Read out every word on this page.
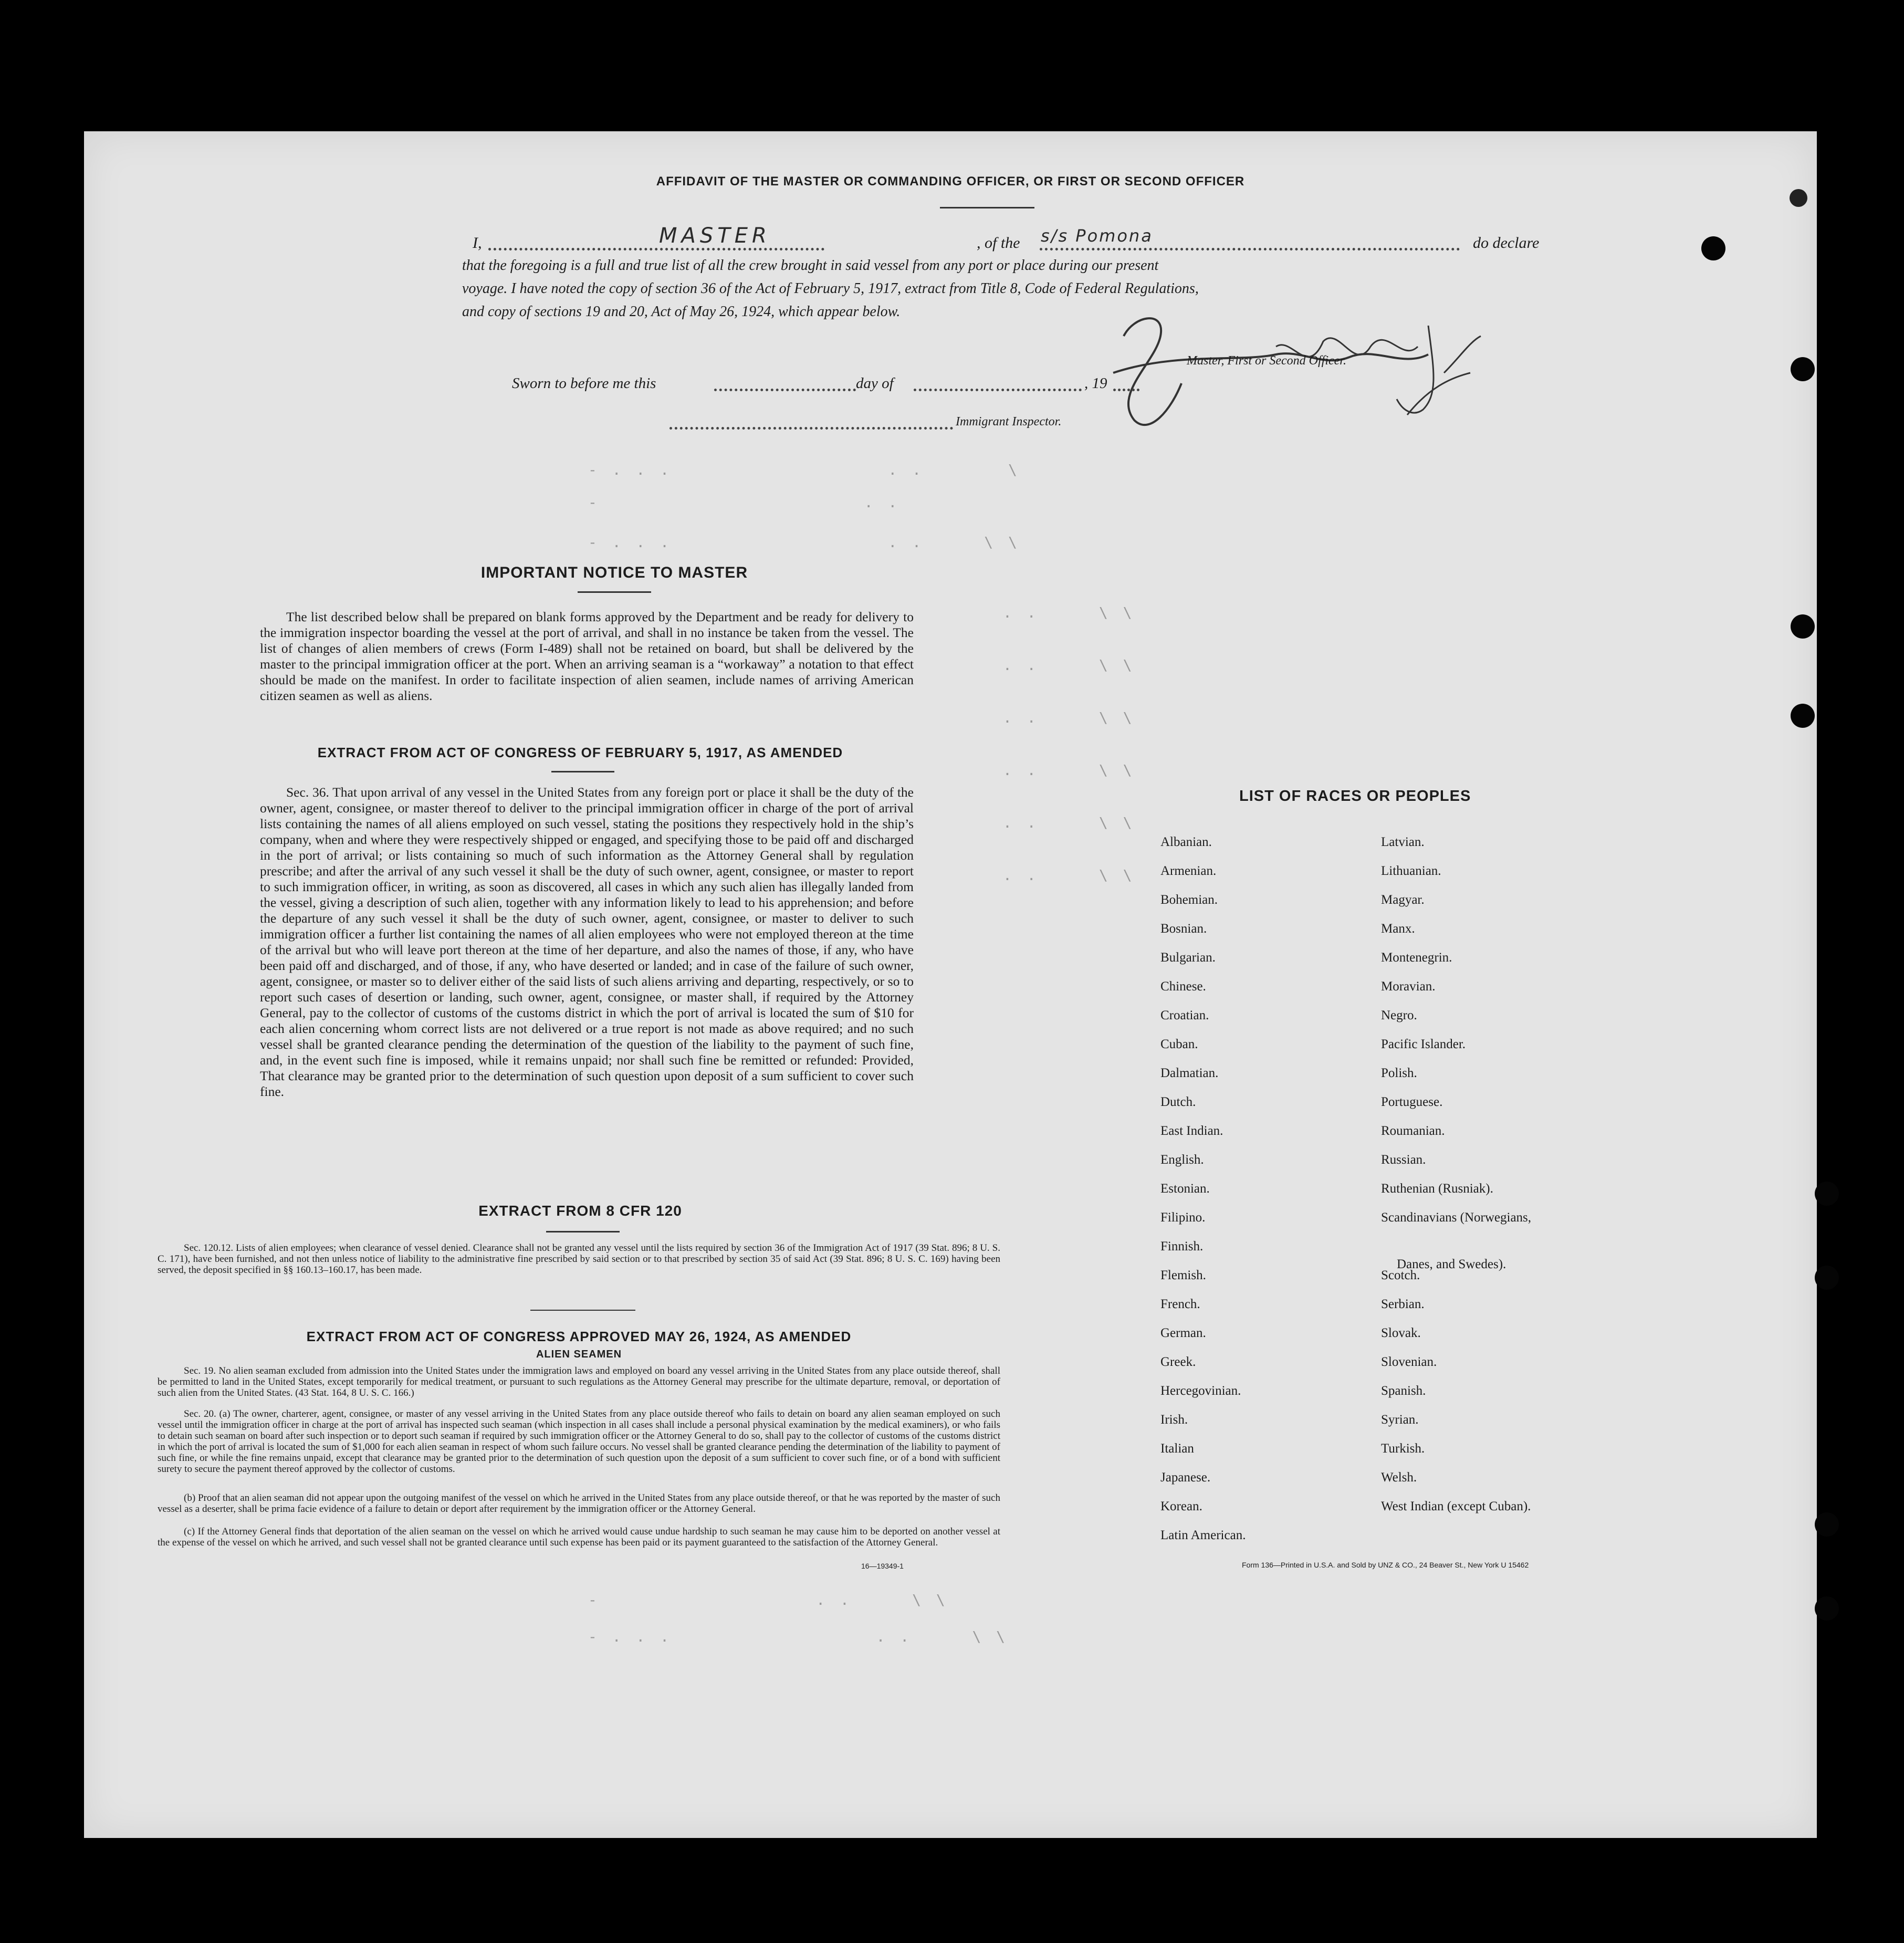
AFFIDAVIT OF THE MASTER OR COMMANDING OFFICER, OR FIRST OR SECOND OFFICER
I,	MASTER	, of the s/s Pomona	do declare
that the foregoing is a full and true list of all the crew brought in said vessel from any port or place during our present
voyage. I have noted the copy of section 36 of the Act of February 5, 1917, extract from Title 8, Code of Federal Regulations,
and copy of sections 19 and 20, Act of May 26, 1924, which appear below.
Master, First or Second Officer.
Sworn to before me this	day of	, 19
Immigrant Inspector.
- . . .                  . .       \
-                      . .
- . . .                  . .     \ \
. .     \ \
. .     \ \
. .     \ \
. .     \ \
. .     \ \
. .     \ \
-                  . .     \ \
- . . .                 . .     \ \
IMPORTANT NOTICE TO MASTER
The list described below shall be prepared on blank forms approved by the Department and be ready for delivery to the immigration inspector boarding the vessel at the port of arrival, and shall in no instance be taken from the vessel. The list of changes of alien members of crews (Form I-489) shall not be retained on board, but shall be delivered by the master to the principal immigration officer at the port. When an arriving seaman is a “workaway” a notation to that effect should be made on the manifest. In order to facilitate inspection of alien seamen, include names of arriving American citizen seamen as well as aliens.
EXTRACT FROM ACT OF CONGRESS OF FEBRUARY 5, 1917, AS AMENDED
Sec. 36. That upon arrival of any vessel in the United States from any foreign port or place it shall be the duty of the owner, agent, consignee, or master thereof to deliver to the principal immigration officer in charge of the port of arrival lists containing the names of all aliens employed on such vessel, stating the positions they respectively hold in the ship’s company, when and where they were respectively shipped or engaged, and specifying those to be paid off and discharged in the port of arrival; or lists containing so much of such information as the Attorney General shall by regulation prescribe; and after the arrival of any such vessel it shall be the duty of such owner, agent, consignee, or master to report to such immigration officer, in writing, as soon as discovered, all cases in which any such alien has illegally landed from the vessel, giving a description of such alien, together with any information likely to lead to his apprehension; and before the departure of any such vessel it shall be the duty of such owner, agent, consignee, or master to deliver to such immigration officer a further list containing the names of all alien employees who were not employed thereon at the time of the arrival but who will leave port thereon at the time of her departure, and also the names of those, if any, who have been paid off and discharged, and of those, if any, who have deserted or landed; and in case of the failure of such owner, agent, consignee, or master so to deliver either of the said lists of such aliens arriving and departing, respectively, or so to report such cases of desertion or landing, such owner, agent, consignee, or master shall, if required by the Attorney General, pay to the collector of customs of the customs district in which the port of arrival is located the sum of $10 for each alien concerning whom correct lists are not delivered or a true report is not made as above required; and no such vessel shall be granted clearance pending the determination of the question of the liability to the payment of such fine, and, in the event such fine is imposed, while it remains unpaid; nor shall such fine be remitted or refunded: Provided, That clearance may be granted prior to the determination of such question upon deposit of a sum sufficient to cover such fine.
EXTRACT FROM 8 CFR 120
Sec. 120.12. Lists of alien employees; when clearance of vessel denied. Clearance shall not be granted any vessel until the lists required by section 36 of the Immigration Act of 1917 (39 Stat. 896; 8 U. S. C. 171), have been furnished, and not then unless notice of liability to the administrative fine prescribed by said section or to that prescribed by section 35 of said Act (39 Stat. 896; 8 U. S. C. 169) having been served, the deposit specified in §§ 160.13–160.17, has been made.
EXTRACT FROM ACT OF CONGRESS APPROVED MAY 26, 1924, AS AMENDED
ALIEN SEAMEN
Sec. 19. No alien seaman excluded from admission into the United States under the immigration laws and employed on board any vessel arriving in the United States from any place outside thereof, shall be permitted to land in the United States, except temporarily for medical treatment, or pursuant to such regulations as the Attorney General may prescribe for the ultimate departure, removal, or deportation of such alien from the United States. (43 Stat. 164, 8 U. S. C. 166.)
Sec. 20. (a) The owner, charterer, agent, consignee, or master of any vessel arriving in the United States from any place outside thereof who fails to detain on board any alien seaman employed on such vessel until the immigration officer in charge at the port of arrival has inspected such seaman (which inspection in all cases shall include a personal physical examination by the medical examiners), or who fails to detain such seaman on board after such inspection or to deport such seaman if required by such immigration officer or the Attorney General to do so, shall pay to the collector of customs of the customs district in which the port of arrival is located the sum of $1,000 for each alien seaman in respect of whom such failure occurs. No vessel shall be granted clearance pending the determination of the liability to payment of such fine, or while the fine remains unpaid, except that clearance may be granted prior to the determination of such question upon the deposit of a sum sufficient to cover such fine, or of a bond with sufficient surety to secure the payment thereof approved by the collector of customs.
(b) Proof that an alien seaman did not appear upon the outgoing manifest of the vessel on which he arrived in the United States from any place outside thereof, or that he was reported by the master of such vessel as a deserter, shall be prima facie evidence of a failure to detain or deport after requirement by the immigration officer or the Attorney General.
(c) If the Attorney General finds that deportation of the alien seaman on the vessel on which he arrived would cause undue hardship to such seaman he may cause him to be deported on another vessel at the expense of the vessel on which he arrived, and such vessel shall not be granted clearance until such expense has been paid or its payment guaranteed to the satisfaction of the Attorney General.
16—19349-1
LIST OF RACES OR PEOPLES
Form 136—Printed in U.S.A. and Sold by UNZ & CO., 24 Beaver St., New York U 15462
Albanian.
Armenian.
Bohemian.
Bosnian.
Bulgarian.
Chinese.
Croatian.
Cuban.
Dalmatian.
Dutch.
East Indian.
English.
Estonian.
Filipino.
Finnish.
Flemish.
French.
German.
Greek.
Hercegovinian.
Irish.
Italian
Japanese.
Korean.
Latin American.
Latvian.
Lithuanian.
Magyar.
Manx.
Montenegrin.
Moravian.
Negro.
Pacific Islander.
Polish.
Portuguese.
Roumanian.
Russian.
Ruthenian (Rusniak).
Scandinavians (Norwegians,
Danes, and Swedes).
Scotch.
Serbian.
Slovak.
Slovenian.
Spanish.
Syrian.
Turkish.
Welsh.
West Indian (except Cuban).
